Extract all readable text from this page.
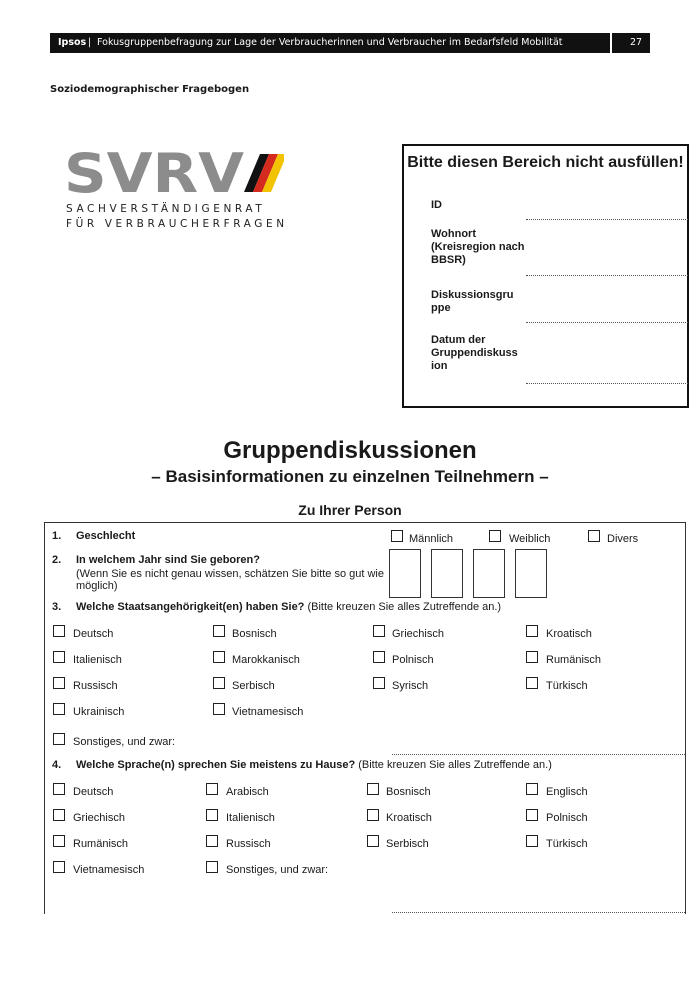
Ipsos | Fokusgruppenbefragung zur Lage der Verbraucherinnen und Verbraucher im Bedarfsfeld Mobilität	27
Soziodemographischer Fragebogen
SVRV
SACHVERSTÄNDIGENRAT
FÜR VERBRAUCHERFRAGEN
Bitte diesen Bereich nicht ausfüllen!
ID
Wohnort (Kreisregion nach BBSR)
Diskussionsgru ppe
Datum der Gruppendiskuss ion
Gruppendiskussionen
– Basisinformationen zu einzelnen Teilnehmern –
Zu Ihrer Person
1. Geschlecht	Männlich	Weiblich	Divers
2. In welchem Jahr sind Sie geboren?
(Wenn Sie es nicht genau wissen, schätzen Sie bitte so gut wie möglich)
3. Welche Staatsangehörigkeit(en) haben Sie? (Bitte kreuzen Sie alles Zutreffende an.)
Deutsch	Bosnisch	Griechisch	Kroatisch
Italienisch	Marokkanisch	Polnisch	Rumänisch
Russisch	Serbisch	Syrisch	Türkisch
Ukrainisch	Vietnamesisch
Sonstiges, und zwar:
4. Welche Sprache(n) sprechen Sie meistens zu Hause? (Bitte kreuzen Sie alles Zutreffende an.)
Deutsch	Arabisch	Bosnisch	Englisch
Griechisch	Italienisch	Kroatisch	Polnisch
Rumänisch	Russisch	Serbisch	Türkisch
Vietnamesisch	Sonstiges, und zwar:
